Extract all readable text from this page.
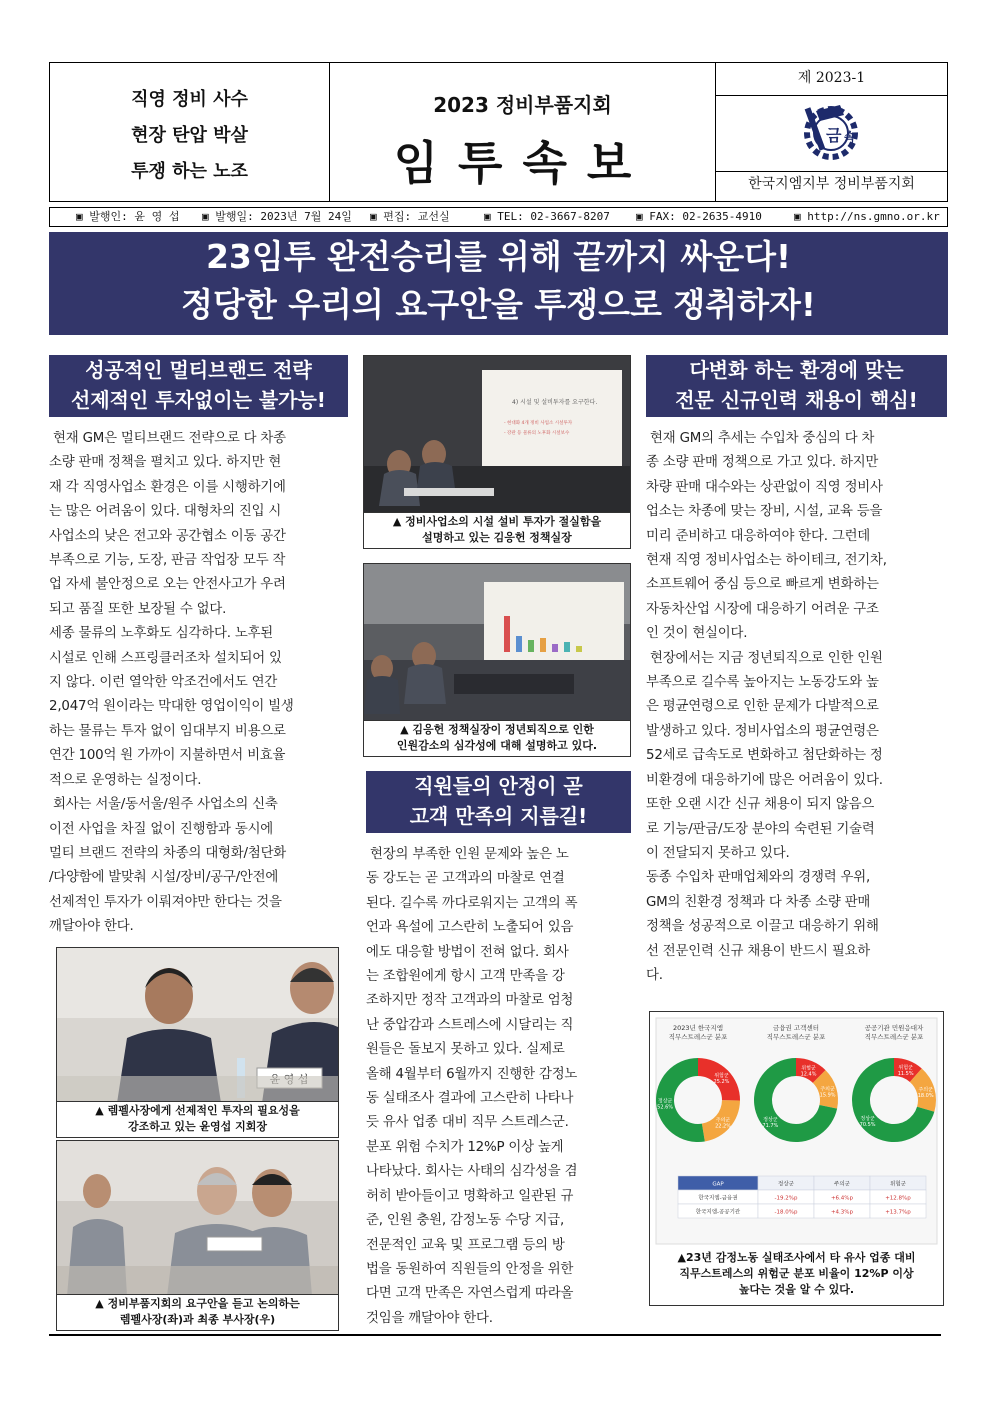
직영 정비 사수
현장 탄압 박살
투쟁 하는 노조
2023 정비부품지회
임투속보
제 2023-1
금 속
한국지엠지부 정비부품지회
▣ 발행인: 윤 영 섭 ▣ 발행일: 2023년 7월 24일 ▣ 편집: 교선실	▣ TEL: 02-3667-8207 ▣ FAX: 02-2635-4910	▣ http://ns.gmno.or.kr
23임투 완전승리를 위해 끝까지 싸운다!
정당한 우리의 요구안을 투쟁으로 쟁취하자!
성공적인 멀티브랜드 전략
선제적인 투자없이는 불가능!
현재 GM은 멀티브랜드 전략으로 다 차종
소량 판매 정책을 펼치고 있다. 하지만 현
재 각 직영사업소 환경은 이를 시행하기에
는 많은 어려움이 있다. 대형차의 진입 시
사업소의 낮은 전고와 공간협소 이동 공간
부족으로 기능, 도장, 판금 작업장 모두 작
업 자세 불안정으로 오는 안전사고가 우려
되고 품질 또한 보장될 수 없다.
세종 물류의 노후화도 심각하다. 노후된
시설로 인해 스프링클러조차 설치되어 있
지 않다. 이런 열악한 악조건에서도 연간
2,047억 원이라는 막대한 영업이익이 빌생
하는 물류는 투자 없이 임대부지 비용으로
연간 100억 원 가까이 지불하면서 비효율
적으로 운영하는 실정이다.
회사는 서울/동서울/원주 사업소의 신축
이전 사업을 차질 없이 진행함과 동시에
멀티 브랜드 전략의 차종의 대형화/첨단화
/다양함에 발맞춰 시설/장비/공구/안전에
선제적인 투자가 이뤄져야만 한다는 것을
깨달아야 한다.
▲ 렘펠사장에게 선제적인 투자의 필요성을
강조하고 있는 윤영섭 지회장
▲ 정비부품지회의 요구안을 듣고 논의하는
렘펠사장(좌)과 최종 부사장(우)
4) 시설 및 설비투자를 요구한다.
- 현대화 4개 정비 사업소 시설투자
- 강관 등 물류의 노후화 시설보수
▲ 정비사업소의 시설 설비 투자가 절실함을
설명하고 있는 김응헌 정책실장
▲ 김응헌 정책실장이 정년퇴직으로 인한
인원감소의 심각성에 대해 설명하고 있다.
직원들의 안정이 곧
고객 만족의 지름길!
현장의 부족한 인원 문제와 높은 노
동 강도는 곧 고객과의 마찰로 연결
된다. 길수록 까다로워지는 고객의 폭
언과 욕설에 고스란히 노출되어 있음
에도 대응할 방법이 전혀 없다. 회사
는 조합원에게 항시 고객 만족을 강
조하지만 정작 고객과의 마찰로 엄청
난 중압감과 스트레스에 시달리는 직
원들은 돌보지 못하고 있다. 실제로
올해 4월부터 6월까지 진행한 감정노
동 실태조사 결과에 고스란히 나타나
듯 유사 업종 대비 직무 스트레스군.
분포 위험 수치가 12%P 이상 높게
나타났다. 회사는 사태의 심각성을 겸
허히 받아들이고 명확하고 일관된 규
준, 인원 충원, 감정노동 수당 지급,
전문적인 교육 및 프로그램 등의 방
법을 동원하여 직원들의 안정을 위한
다면 고객 만족은 자연스럽게 따라올
것임을 깨달아야 한다.
다변화 하는 환경에 맞는
전문 신규인력 채용이 핵심!
현재 GM의 추세는 수입차 중심의 다 차
종 소량 판매 정책으로 가고 있다. 하지만
차량 판매 대수와는 상관없이 직영 정비사
업소는 차종에 맞는 장비, 시설, 교육 등을
미리 준비하고 대응하여야 한다. 그런데
현재 직영 정비사업소는 하이테크, 전기차,
소프트웨어 중심 등으로 빠르게 변화하는
자동차산업 시장에 대응하기 어려운 구조
인 것이 현실이다.
현장에서는 지금 정년퇴직으로 인한 인원
부족으로 길수록 높아지는 노동강도와 높
은 평균연령으로 인한 문제가 다발적으로
발생하고 있다. 정비사업소의 평균연령은
52세로 급속도로 변화하고 첨단화하는 정
비환경에 대응하기에 많은 어려움이 있다.
또한 오랜 시간 신규 채용이 되지 않음으
로 기능/판금/도장 분야의 숙련된 기술력
이 전달되지 못하고 있다.
동종 수입차 판매업체와의 경쟁력 우위,
GM의 친환경 정책과 다 차종 소량 판매
정책을 성공적으로 이끌고 대응하기 위해
선 전문인력 신규 채용이 반드시 필요하
다.
2023년 한국지엠
직무스트레스군 분포
위험군
25.2%
주의군
22.2%
정상군
52.6%
금융권 고객센터
직무스트레스군 분포
위험군
12.4%
주의군
15.9%
정상군
71.7%
공공기관 민원응대자
직무스트레스군 분포
위험군
11.5%
주의군
18.0%
정상군
70.5%
GAP	정상군	주의군	위험군
한국지엠-금융권	-19.2%p	+6.4%p	+12.8%p
한국지엠-공공기관	-18.0%p	+4.3%p	+13.7%p
▲23년 감정노동 실태조사에서 타 유사 업종 대비
직무스트레스의 위험군 분포 비율이 12%P 이상
높다는 것을 알 수 있다.
